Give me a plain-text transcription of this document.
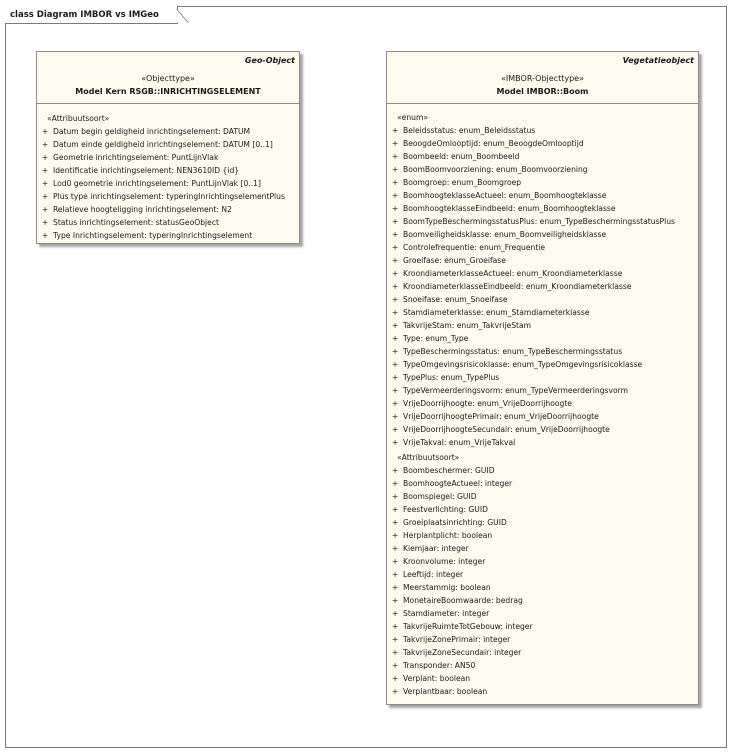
class Diagram IMBOR vs IMGeo
Geo-Object
«Objecttype»
Model Kern RSGB::INRICHTINGSELEMENT
«Attribuutsoort»
+ Datum begin geldigheid inrichtingselement: DATUM
+ Datum einde geldigheid inrichtingselement: DATUM [0..1]
+ Geometrie inrichtingselement: PuntLijnVlak
+ Identificatie inrichtingselement: NEN3610ID {id}
+ Lod0 geometrie inrichtingselement: PuntLijnVlak [0..1]
+ Plus type inrichtingselement: typeringInrichtingselementPlus
+ Relatieve hoogteligging inrichtingselement: N2
+ Status inrichtingselement: statusGeoObject
+ Type Inrichtingselement: typeringInrichtingselement
Vegetatieobject
«IMBOR-Objecttype»
Model IMBOR::Boom
«enum»
+ Beleidsstatus: enum_Beleidsstatus
+ BeoogdeOmlooptijd: enum_BeoogdeOmlooptijd
+ Boombeeld: enum_Boombeeld
+ BoomBoomvoorziening: enum_Boomvoorziening
+ Boomgroep: enum_Boomgroep
+ BoomhoogteklasseActueel: enum_Boomhoogteklasse
+ BoomhoogteklasseEindbeeld: enum_Boomhoogteklasse
+ BoomTypeBeschermingsstatusPlus: enum_TypeBeschermingsstatusPlus
+ Boomveiligheidsklasse: enum_Boomveiligheidsklasse
+ Controlefrequentie: enum_Frequentie
+ Groeifase: enum_Groeifase
+ KroondiameterklasseActueel: enum_Kroondiameterklasse
+ KroondiameterklasseEindbeeld: enum_Kroondiameterklasse
+ Snoeifase: enum_Snoeifase
+ Stamdiameterklasse: enum_Stamdiameterklasse
+ TakvrijeStam: enum_TakvrijeStam
+ Type: enum_Type
+ TypeBeschermingsstatus: enum_TypeBeschermingsstatus
+ TypeOmgevingsrisicoklasse: enum_TypeOmgevingsrisicoklasse
+ TypePlus: enum_TypePlus
+ TypeVermeerderingsvorm: enum_TypeVermeerderingsvorm
+ VrijeDoorrijhoogte: enum_VrijeDoorrijhoogte
+ VrijeDoorrijhoogtePrimair: enum_VrijeDoorrijhoogte
+ VrijeDoorrijhoogteSecundair: enum_VrijeDoorrijhoogte
+ VrijeTakval: enum_VrijeTakval
«Attribuutsoort»
+ Boombeschermer: GUID
+ BoomhoogteActueel: integer
+ Boomspiegel: GUID
+ Feestverlichting: GUID
+ Groeiplaatsinrichting: GUID
+ Herplantplicht: boolean
+ Kiemjaar: integer
+ Kroonvolume: integer
+ Leeftijd: integer
+ Meerstammig: boolean
+ MonetaireBoomwaarde: bedrag
+ Stamdiameter: integer
+ TakvrijeRuimteTotGebouw: integer
+ TakvrijeZonePrimair: integer
+ TakvrijeZoneSecundair: integer
+ Transponder: AN50
+ Verplant: boolean
+ Verplantbaar: boolean
